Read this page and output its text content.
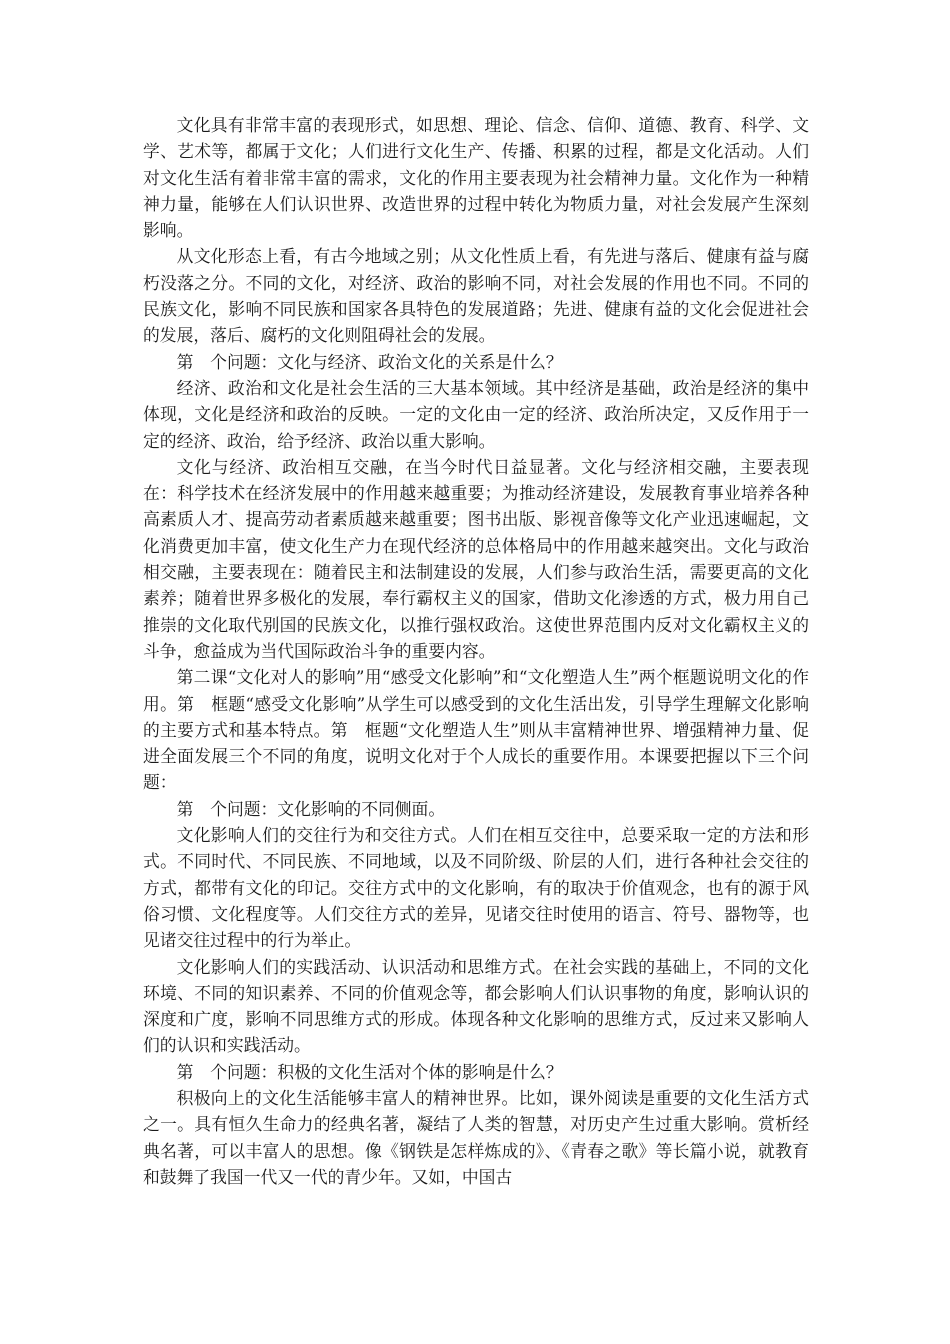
文化具有非常丰富的表现形式，如思想、理论、信念、信仰、道德、教育、科学、文学、艺术等，都属于文化；人们进行文化生产、传播、积累的过程，都是文化活动。人们对文化生活有着非常丰富的需求，文化的作用主要表现为社会精神力量。文化作为一种精神力量，能够在人们认识世界、改造世界的过程中转化为物质力量，对社会发展产生深刻影响。

从文化形态上看，有古今地域之别；从文化性质上看，有先进与落后、健康有益与腐朽没落之分。不同的文化，对经济、政治的影响不同，对社会发展的作用也不同。不同的民族文化，影响不同民族和国家各具特色的发展道路；先进、健康有益的文化会促进社会的发展，落后、腐朽的文化则阻碍社会的发展。

第　个问题：文化与经济、政治文化的关系是什么？

经济、政治和文化是社会生活的三大基本领域。其中经济是基础，政治是经济的集中体现，文化是经济和政治的反映。一定的文化由一定的经济、政治所决定，又反作用于一定的经济、政治，给予经济、政治以重大影响。

文化与经济、政治相互交融，在当今时代日益显著。文化与经济相交融，主要表现在：科学技术在经济发展中的作用越来越重要；为推动经济建设，发展教育事业培养各种高素质人才、提高劳动者素质越来越重要；图书出版、影视音像等文化产业迅速崛起，文化消费更加丰富，使文化生产力在现代经济的总体格局中的作用越来越突出。文化与政治相交融，主要表现在：随着民主和法制建设的发展，人们参与政治生活，需要更高的文化素养；随着世界多极化的发展，奉行霸权主义的国家，借助文化渗透的方式，极力用自己推崇的文化取代别国的民族文化，以推行强权政治。这使世界范围内反对文化霸权主义的斗争，愈益成为当代国际政治斗争的重要内容。

第二课“文化对人的影响”用“感受文化影响”和“文化塑造人生”两个框题说明文化的作用。第　框题“感受文化影响”从学生可以感受到的文化生活出发，引导学生理解文化影响的主要方式和基本特点。第　框题“文化塑造人生”则从丰富精神世界、增强精神力量、促进全面发展三个不同的角度，说明文化对于个人成长的重要作用。本课要把握以下三个问题：

第　个问题：文化影响的不同侧面。

文化影响人们的交往行为和交往方式。人们在相互交往中，总要采取一定的方法和形式。不同时代、不同民族、不同地域，以及不同阶级、阶层的人们，进行各种社会交往的方式，都带有文化的印记。交往方式中的文化影响，有的取决于价值观念，也有的源于风俗习惯、文化程度等。人们交往方式的差异，见诸交往时使用的语言、符号、器物等，也见诸交往过程中的行为举止。

文化影响人们的实践活动、认识活动和思维方式。在社会实践的基础上，不同的文化环境、不同的知识素养、不同的价值观念等，都会影响人们认识事物的角度，影响认识的深度和广度，影响不同思维方式的形成。体现各种文化影响的思维方式，反过来又影响人们的认识和实践活动。

第　个问题：积极的文化生活对个体的影响是什么？

积极向上的文化生活能够丰富人的精神世界。比如，课外阅读是重要的文化生活方式之一。具有恒久生命力的经典名著，凝结了人类的智慧，对历史产生过重大影响。赏析经典名著，可以丰富人的思想。像《钢铁是怎样炼成的》、《青春之歌》等长篇小说，就教育和鼓舞了我国一代又一代的青少年。又如，中国古
